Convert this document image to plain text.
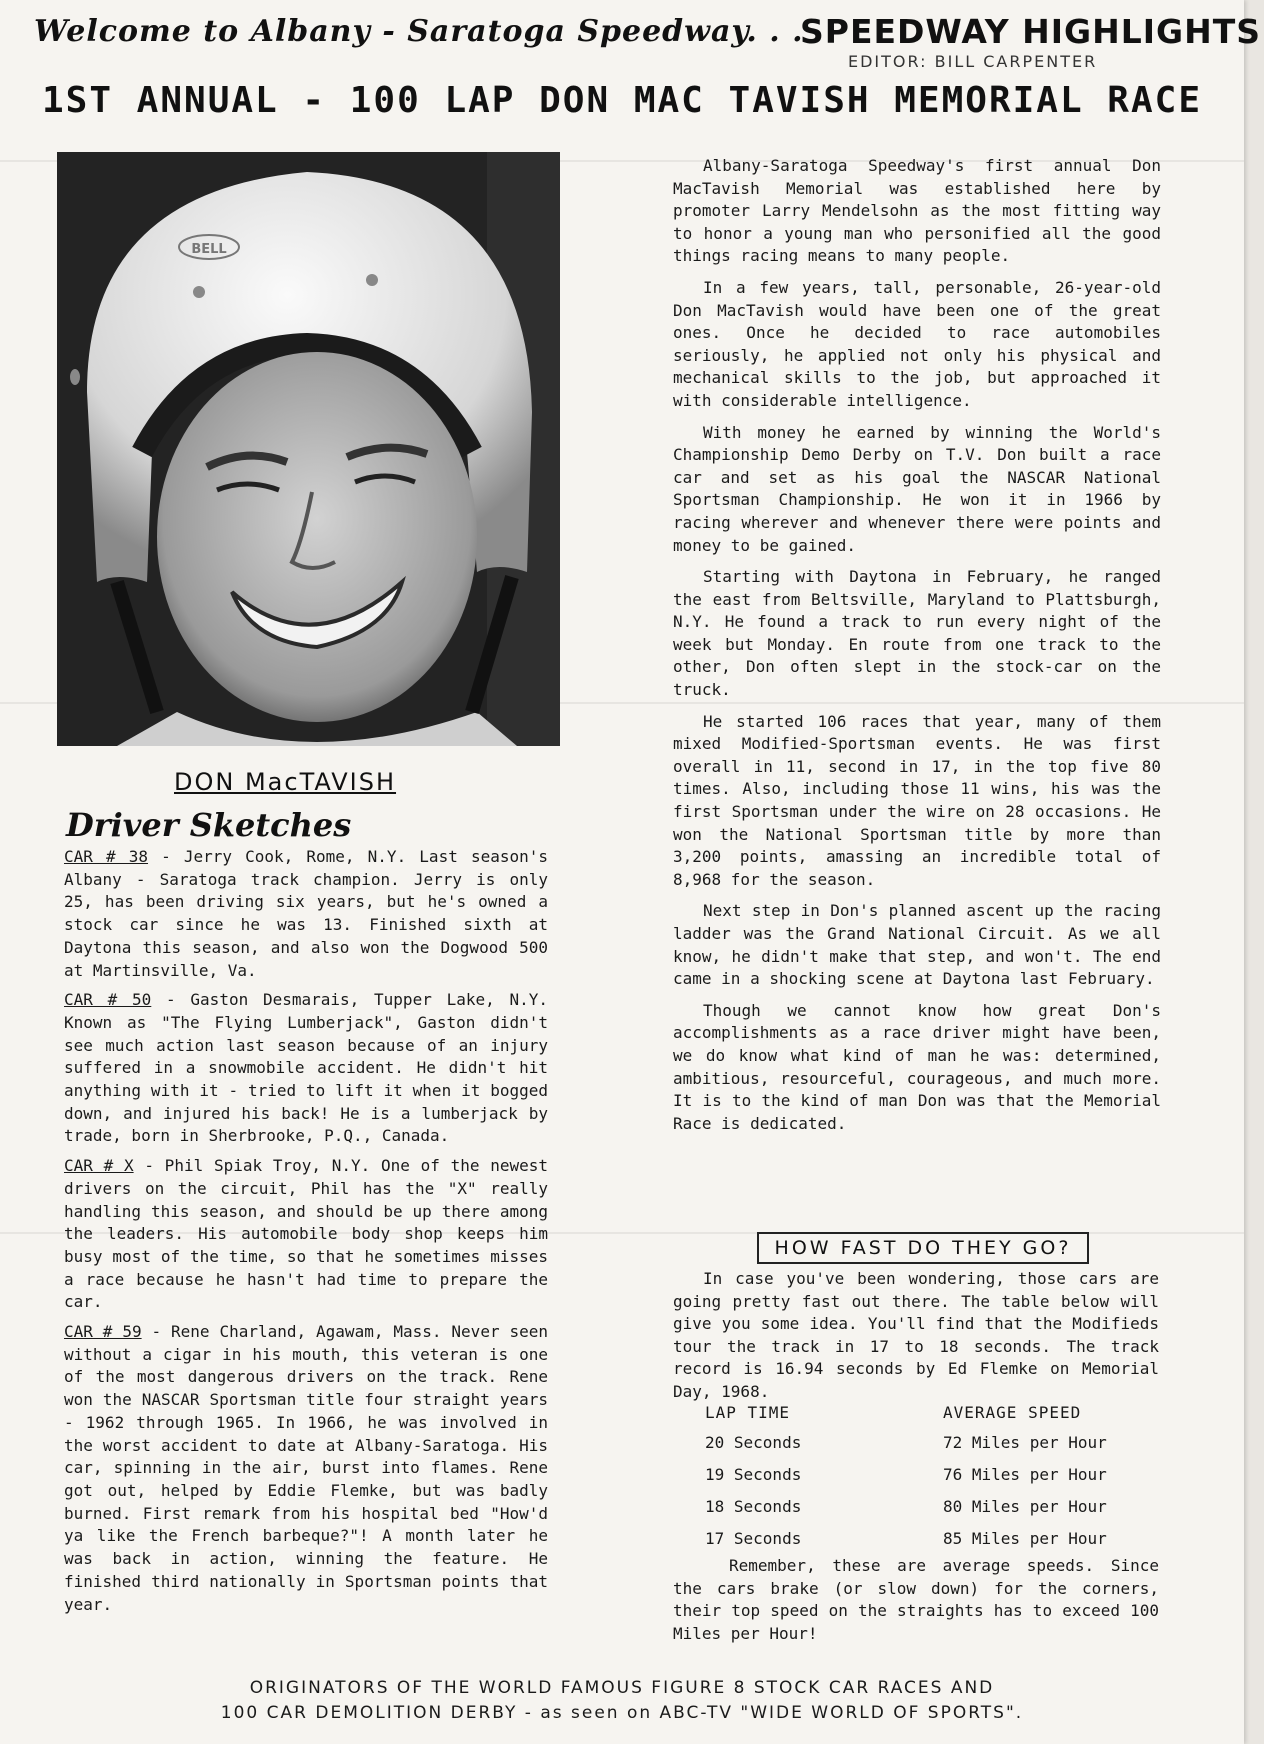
Welcome to Albany - Saratoga Speedway. . .
SPEEDWAY HIGHLIGHTS
EDITOR: BILL CARPENTER
1ST ANNUAL - 100 LAP DON MAC TAVISH MEMORIAL RACE
BELL
DON MacTAVISH
Driver Sketches

CAR # 38 - Jerry Cook, Rome, N.Y. Last season's Albany - Saratoga track champion. Jerry is only 25, has been driving six years, but he's owned a stock car since he was 13. Finished sixth at Daytona this season, and also won the Dogwood 500 at Martinsville, Va.

CAR # 50 - Gaston Desmarais, Tupper Lake, N.Y. Known as "The Flying Lumberjack", Gaston didn't see much action last season because of an injury suffered in a snowmobile accident. He didn't hit anything with it - tried to lift it when it bogged down, and injured his back! He is a lumberjack by trade, born in Sherbrooke, P.Q., Canada.

CAR # X - Phil Spiak Troy, N.Y. One of the newest drivers on the circuit, Phil has the "X" really handling this season, and should be up there among the leaders. His automobile body shop keeps him busy most of the time, so that he sometimes misses a race because he hasn't had time to prepare the car.

CAR # 59 - Rene Charland, Agawam, Mass. Never seen without a cigar in his mouth, this veteran is one of the most dangerous drivers on the track. Rene won the NASCAR Sportsman title four straight years - 1962 through 1965. In 1966, he was involved in the worst accident to date at Albany-Saratoga. His car, spinning in the air, burst into flames. Rene got out, helped by Eddie Flemke, but was badly burned. First remark from his hospital bed "How'd ya like the French barbeque?"! A month later he was back in action, winning the feature. He finished third nationally in Sportsman points that year.

Albany-Saratoga Speedway's first annual Don MacTavish Memorial was established here by promoter Larry Mendelsohn as the most fitting way to honor a young man who personified all the good things racing means to many people.

In a few years, tall, personable, 26-year-old Don MacTavish would have been one of the great ones. Once he decided to race automobiles seriously, he applied not only his physical and mechanical skills to the job, but approached it with considerable intelligence.

With money he earned by winning the World's Championship Demo Derby on T.V. Don built a race car and set as his goal the NASCAR National Sportsman Championship. He won it in 1966 by racing wherever and whenever there were points and money to be gained.

Starting with Daytona in February, he ranged the east from Beltsville, Maryland to Plattsburgh, N.Y. He found a track to run every night of the week but Monday. En route from one track to the other, Don often slept in the stock-car on the truck.

He started 106 races that year, many of them mixed Modified-Sportsman events. He was first overall in 11, second in 17, in the top five 80 times. Also, including those 11 wins, his was the first Sportsman under the wire on 28 occasions. He won the National Sportsman title by more than 3,200 points, amassing an incredible total of 8,968 for the season.

Next step in Don's planned ascent up the racing ladder was the Grand National Circuit. As we all know, he didn't make that step, and won't. The end came in a shocking scene at Daytona last February.

Though we cannot know how great Don's accomplishments as a race driver might have been, we do know what kind of man he was: determined, ambitious, resourceful, courageous, and much more. It is to the kind of man Don was that the Memorial Race is dedicated.

HOW FAST DO THEY GO?

In case you've been wondering, those cars are going pretty fast out there. The table below will give you some idea. You'll find that the Modifieds tour the track in 17 to 18 seconds. The track record is 16.94 seconds by Ed Flemke on Memorial Day, 1968.

LAP TIME	AVERAGE SPEED
20 Seconds	72 Miles per Hour
19 Seconds	76 Miles per Hour
18 Seconds	80 Miles per Hour
17 Seconds	85 Miles per Hour

Remember, these are average speeds. Since the cars brake (or slow down) for the corners, their top speed on the straights has to exceed 100 Miles per Hour!

ORIGINATORS OF THE WORLD FAMOUS FIGURE 8 STOCK CAR RACES AND
100 CAR DEMOLITION DERBY - as seen on ABC-TV "WIDE WORLD OF SPORTS".
